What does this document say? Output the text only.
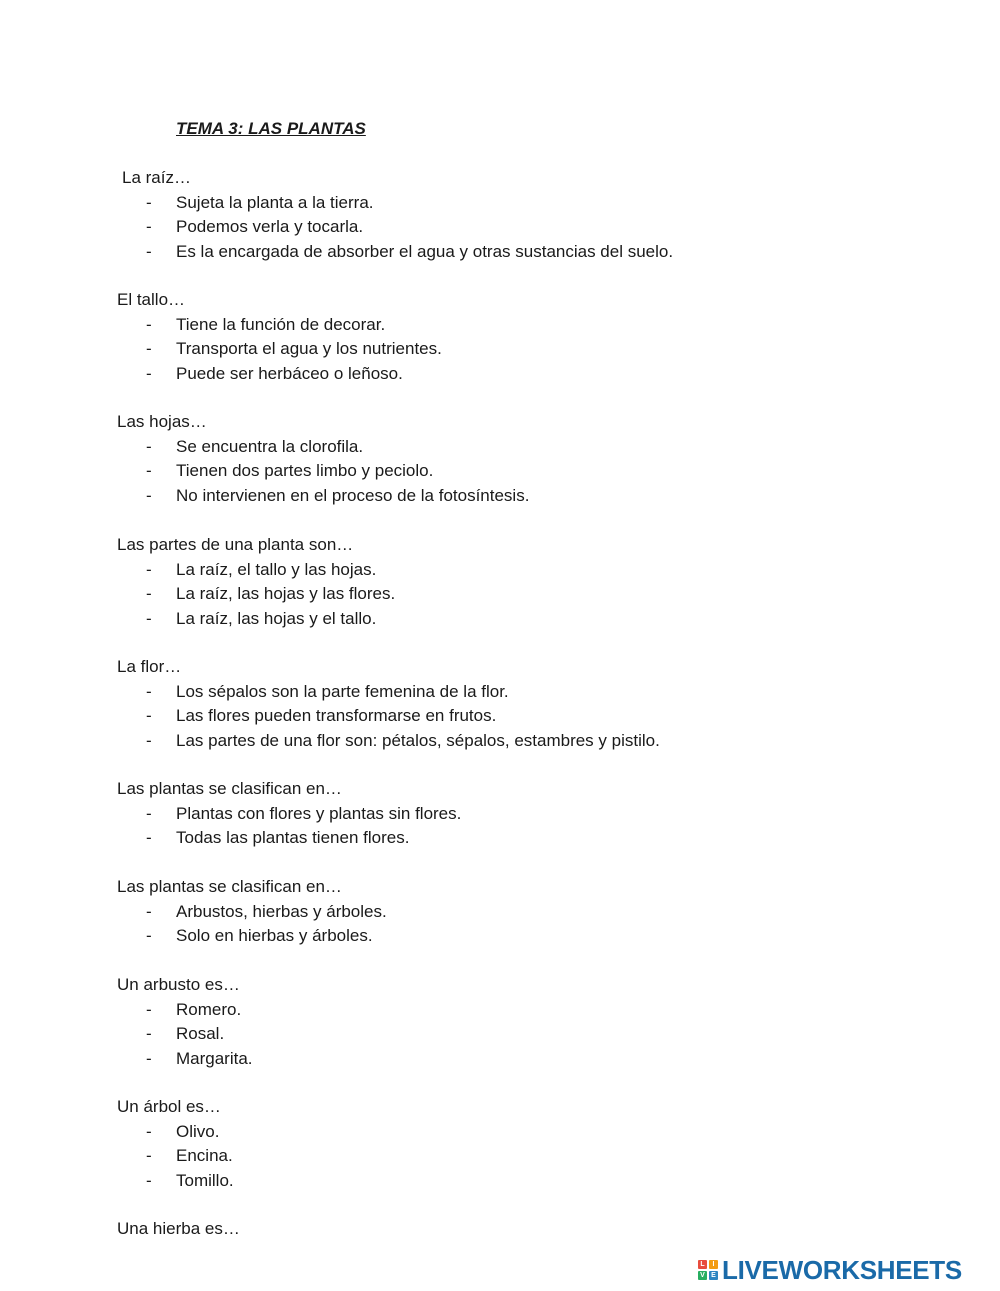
TEMA 3: LAS PLANTAS
La raíz…
- Sujeta la planta a la tierra.
- Podemos verla y tocarla.
- Es la encargada de absorber el agua y otras sustancias del suelo.
El tallo…
- Tiene la función de decorar.
- Transporta el agua y los nutrientes.
- Puede ser herbáceo o leñoso.
Las hojas…
- Se encuentra la clorofila.
- Tienen dos partes limbo y peciolo.
- No intervienen en el proceso de la fotosíntesis.
Las partes de una planta son…
- La raíz, el tallo y las hojas.
- La raíz, las hojas y las flores.
- La raíz, las hojas y el tallo.
La flor…
- Los sépalos son la parte femenina de la flor.
- Las flores pueden transformarse en frutos.
- Las partes de una flor son: pétalos, sépalos, estambres y pistilo.
Las plantas se clasifican en…
- Plantas con flores y plantas sin flores.
- Todas las plantas tienen flores.
Las plantas se clasifican en…
- Arbustos, hierbas y árboles.
- Solo en hierbas y árboles.
Un arbusto es…
- Romero.
- Rosal.
- Margarita.
Un árbol es…
- Olivo.
- Encina.
- Tomillo.
Una hierba es…
L	I
V E LIVEWORKSHEETS
